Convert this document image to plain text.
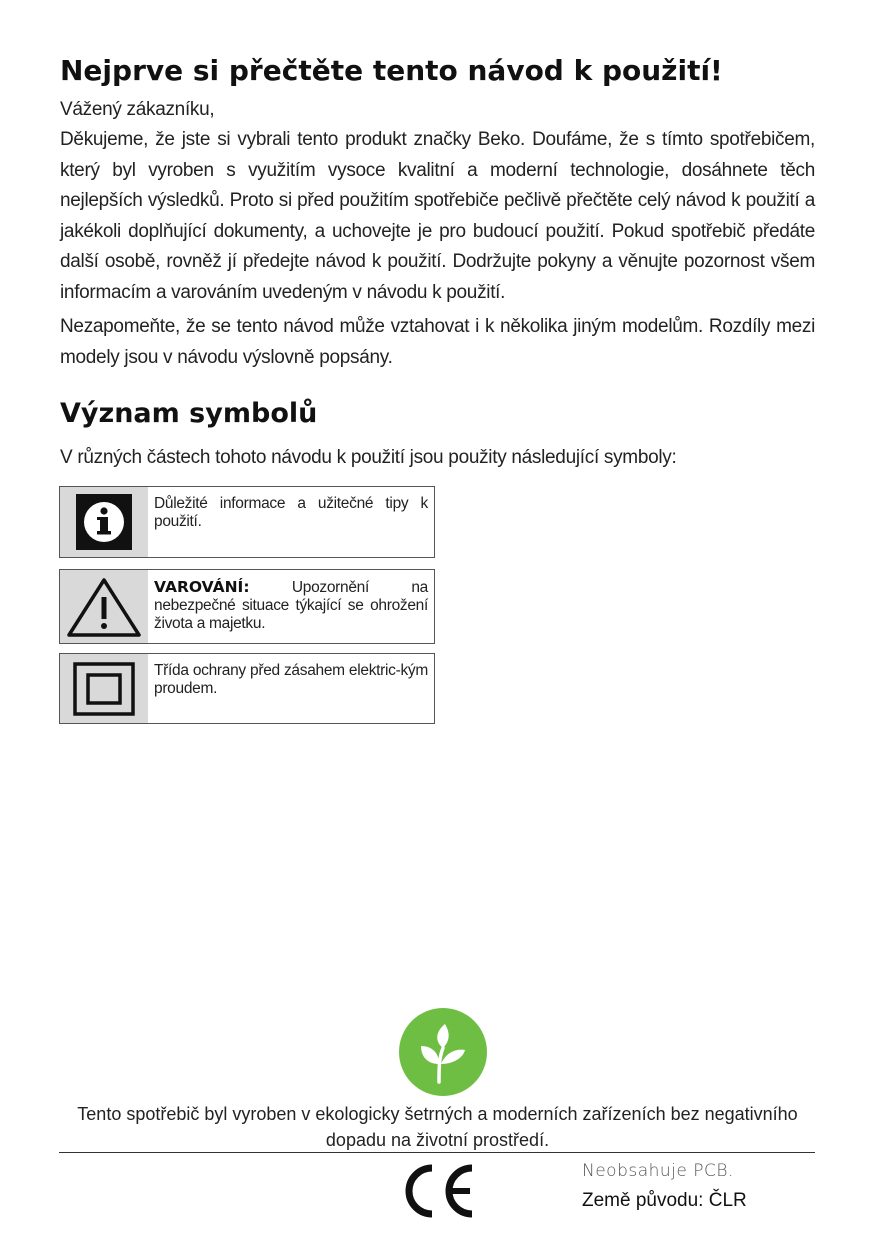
Nejprve si přečtěte tento návod k použití!

Vážený zákazníku,

Děkujeme, že jste si vybrali tento produkt značky Beko. Doufáme, že s tímto spotřebičem, který byl vyroben s využitím vysoce kvalitní a moderní technologie, dosáhnete těch nejlepších výsledků. Proto si před použitím spotřebiče pečlivě přečtěte celý návod k použití a jakékoli doplňující dokumenty, a uchovejte je pro budoucí použití. Pokud spotřebič předáte další osobě, rovněž jí předejte návod k použití. Dodržujte pokyny a věnujte pozornost všem informacím a varováním uvedeným v návodu k použití.

Nezapomeňte, že se tento návod může vztahovat i k několika jiným modelům. Rozdíly mezi modely jsou v návodu výslovně popsány.

Význam symbolů

V různých částech tohoto návodu k použití jsou použity následující symboly:

Důležité informace a užitečné tipy k použití.
VAROVÁNÍ:	Upozornění na nebezpečné situace týkající se ohrožení života a majetku.
Třída ochrany před zásahem elektric-kým proudem.

Tento spotřebič byl vyroben v ekologicky šetrných a moderních zařízeních bez negativního dopadu na životní prostředí.

Neobsahuje PCB.
Země původu: ČLR
